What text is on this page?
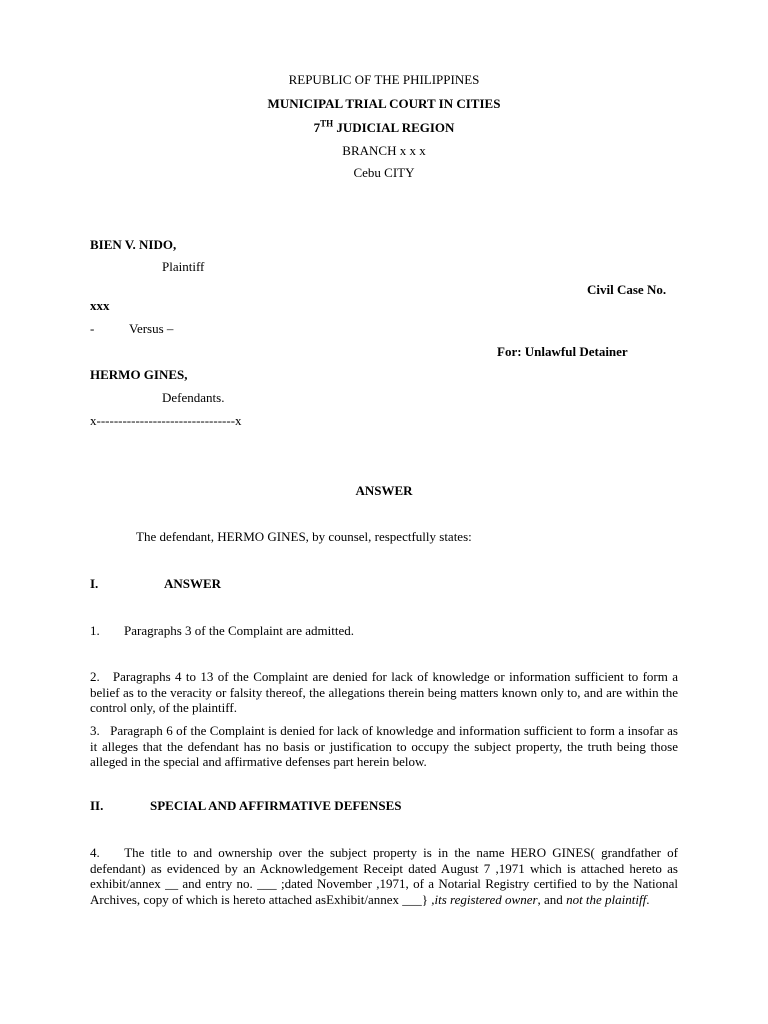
REPUBLIC OF THE PHILIPPINES
MUNICIPAL TRIAL COURT IN CITIES
7TH JUDICIAL REGION
BRANCH x x x
Cebu CITY
BIEN V. NIDO,
Plaintiff
Civil Case No.
xxx
-	Versus –
For: Unlawful Detainer
HERMO GINES,
Defendants.
x--------------------------------x
ANSWER
The defendant, HERMO GINES, by counsel, respectfully states:
I.	ANSWER
1. Paragraphs 3 of the Complaint are admitted.
2.   Paragraphs 4 to 13 of the Complaint are denied for lack of knowledge or information sufficient to form a belief as to the veracity or falsity thereof, the allegations therein being matters known only to, and are within the control only, of the plaintiff.
3.   Paragraph 6 of the Complaint is denied for lack of knowledge and information sufficient to form a insofar as it alleges that the defendant has no basis or justification to occupy the subject property, the truth being those alleged in the special and affirmative defenses part herein below.
II.	SPECIAL AND AFFIRMATIVE DEFENSES
4.    The title to and ownership over the subject property is in the name HERO GINES( grandfather of defendant) as evidenced by an Acknowledgement Receipt dated August 7 ,1971 which is attached hereto as exhibit/annex __ and entry no. ___ ;dated November ,1971, of a Notarial Registry certified to by the National Archives, copy of which is hereto attached asExhibit/annex ___} ,its registered owner, and not the plaintiff.
